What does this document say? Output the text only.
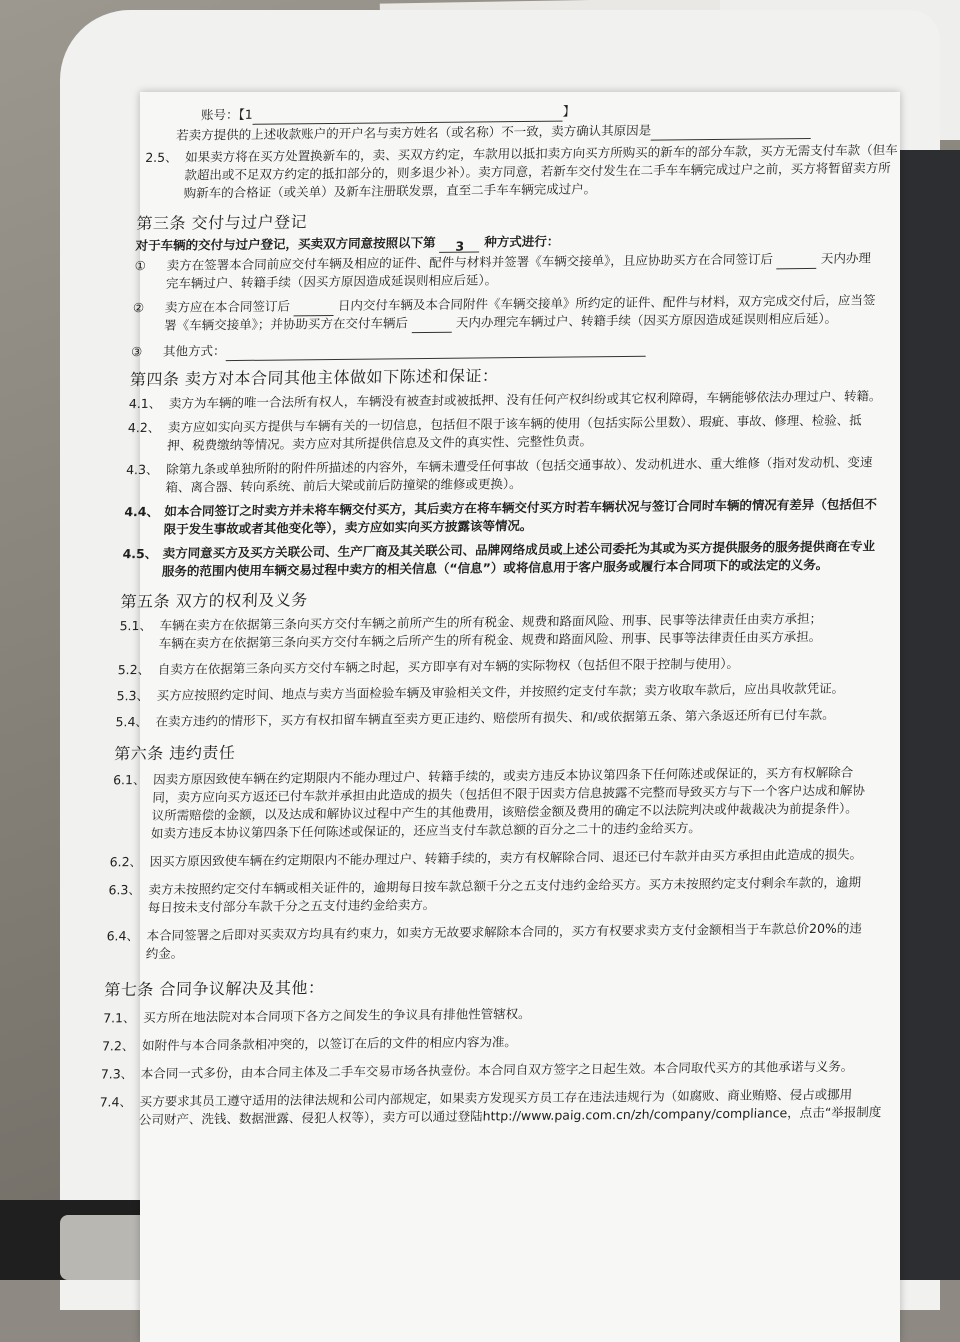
账号：【1	】
若卖方提供的上述收款账户的开户名与卖方姓名（或名称）不一致，卖方确认其原因是
2.5、 如果卖方将在买方处置换新车的，卖、买双方约定，车款用以抵扣卖方向买方所购买的新车的部分车款，买方无需支付车款（但车
款超出或不足双方约定的抵扣部分的，则多退少补）。卖方同意，若新车交付发生在二手车车辆完成过户之前，买方将暂留卖方所
购新车的合格证（或关单）及新车注册联发票，直至二手车车辆完成过户。
第三条 交付与过户登记
对于车辆的交付与过户登记，买卖双方同意按照以下第 3 种方式进行：
① 卖方在签署本合同前应交付车辆及相应的证件、配件与材料并签署《车辆交接单》，且应协助买方在合同签订后	天内办理
完车辆过户、转籍手续（因买方原因造成延误则相应后延）。
② 卖方应在本合同签订后	日内交付车辆及本合同附件《车辆交接单》所约定的证件、配件与材料，双方完成交付后，应当签
署《车辆交接单》；并协助买方在交付车辆后	天内办理完车辆过户、转籍手续（因买方原因造成延误则相应后延）。
③ 其他方式：
第四条 卖方对本合同其他主体做如下陈述和保证：
4.1、 卖方为车辆的唯一合法所有权人，车辆没有被查封或被抵押、没有任何产权纠纷或其它权利障碍，车辆能够依法办理过户、转籍。
4.2、 卖方应如实向买方提供与车辆有关的一切信息，包括但不限于该车辆的使用（包括实际公里数）、瑕疵、事故、修理、检验、抵
押、税费缴纳等情况。卖方应对其所提供信息及文件的真实性、完整性负责。
4.3、 除第九条或单独所附的附件所描述的内容外，车辆未遭受任何事故（包括交通事故）、发动机进水、重大维修（指对发动机、变速
箱、离合器、转向系统、前后大梁或前后防撞梁的维修或更换）。
4.4、 如本合同签订之时卖方并未将车辆交付买方，其后卖方在将车辆交付买方时若车辆状况与签订合同时车辆的情况有差异（包括但不
限于发生事故或者其他变化等），卖方应如实向买方披露该等情况。
4.5、 卖方同意买方及买方关联公司、生产厂商及其关联公司、品牌网络成员或上述公司委托为其或为买方提供服务的服务提供商在专业
服务的范围内使用车辆交易过程中卖方的相关信息（“信息”）或将信息用于客户服务或履行本合同项下的或法定的义务。
第五条 双方的权利及义务
5.1、 车辆在卖方在依据第三条向买方交付车辆之前所产生的所有税金、规费和路面风险、刑事、民事等法律责任由卖方承担；
车辆在卖方在依据第三条向买方交付车辆之后所产生的所有税金、规费和路面风险、刑事、民事等法律责任由买方承担。
5.2、 自卖方在依据第三条向买方交付车辆之时起，买方即享有对车辆的实际物权（包括但不限于控制与使用）。
5.3、 买方应按照约定时间、地点与卖方当面检验车辆及审验相关文件，并按照约定支付车款；卖方收取车款后，应出具收款凭证。
5.4、 在卖方违约的情形下，买方有权扣留车辆直至卖方更正违约、赔偿所有损失、和/或依据第五条、第六条返还所有已付车款。
第六条 违约责任
6.1、 因卖方原因致使车辆在约定期限内不能办理过户、转籍手续的，或卖方违反本协议第四条下任何陈述或保证的，买方有权解除合
同，卖方应向买方返还已付车款并承担由此造成的损失（包括但不限于因卖方信息披露不完整而导致买方与下一个客户达成和解协
议所需赔偿的金额，以及达成和解协议过程中产生的其他费用，该赔偿金额及费用的确定不以法院判决或仲裁裁决为前提条件）。
如卖方违反本协议第四条下任何陈述或保证的，还应当支付车款总额的百分之二十的违约金给买方。
6.2、 因买方原因致使车辆在约定期限内不能办理过户、转籍手续的，卖方有权解除合同、退还已付车款并由买方承担由此造成的损失。
6.3、 卖方未按照约定交付车辆或相关证件的，逾期每日按车款总额千分之五支付违约金给买方。买方未按照约定支付剩余车款的，逾期
每日按未支付部分车款千分之五支付违约金给卖方。
6.4、 本合同签署之后即对买卖双方均具有约束力，如卖方无故要求解除本合同的，买方有权要求卖方支付金额相当于车款总价20%的违
约金。
第七条 合同争议解决及其他：
7.1、 买方所在地法院对本合同项下各方之间发生的争议具有排他性管辖权。
7.2、 如附件与本合同条款相冲突的，以签订在后的文件的相应内容为准。
7.3、 本合同一式多份，由本合同主体及二手车交易市场各执壹份。本合同自双方签字之日起生效。本合同取代买方的其他承诺与义务。
7.4、 买方要求其员工遵守适用的法律法规和公司内部规定，如果卖方发现买方员工存在违法违规行为（如腐败、商业贿赂、侵占或挪用
公司财产、洗钱、数据泄露、侵犯人权等），卖方可以通过登陆http://www.paig.com.cn/zh/company/compliance，点击“举报制度
